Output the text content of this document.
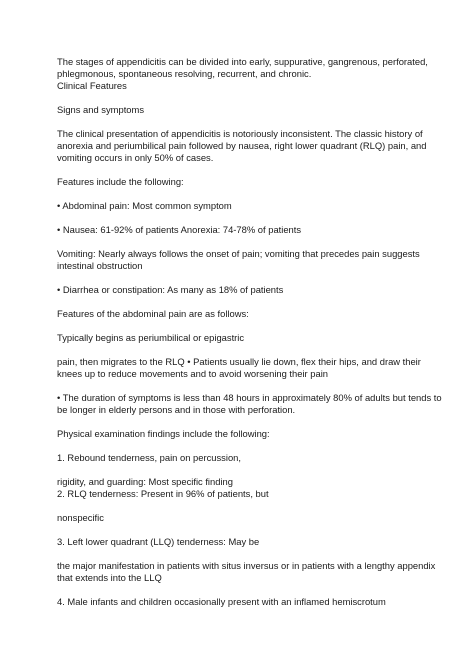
The stages of appendicitis can be divided into early, suppurative, gangrenous, perforated,

phlegmonous, spontaneous resolving, recurrent, and chronic.

Clinical Features

Signs and symptoms

The clinical presentation of appendicitis is notoriously inconsistent. The classic history of

anorexia and periumbilical pain followed by nausea, right lower quadrant (RLQ) pain, and

vomiting occurs in only 50% of cases.

Features include the following:

• Abdominal pain: Most common symptom

• Nausea: 61-92% of patients Anorexia: 74-78% of patients

Vomiting: Nearly always follows the onset of pain; vomiting that precedes pain suggests

intestinal obstruction

• Diarrhea or constipation: As many as 18% of patients

Features of the abdominal pain are as follows:

Typically begins as periumbilical or epigastric

pain, then migrates to the RLQ • Patients usually lie down, flex their hips, and draw their

knees up to reduce movements and to avoid worsening their pain

• The duration of symptoms is less than 48 hours in approximately 80% of adults but tends to

be longer in elderly persons and in those with perforation.

Physical examination findings include the following:

1. Rebound tenderness, pain on percussion,

rigidity, and guarding: Most specific finding

2. RLQ tenderness: Present in 96% of patients, but

nonspecific

3. Left lower quadrant (LLQ) tenderness: May be

the major manifestation in patients with situs inversus or in patients with a lengthy appendix

that extends into the LLQ

4. Male infants and children occasionally present with an inflamed hemiscrotum
